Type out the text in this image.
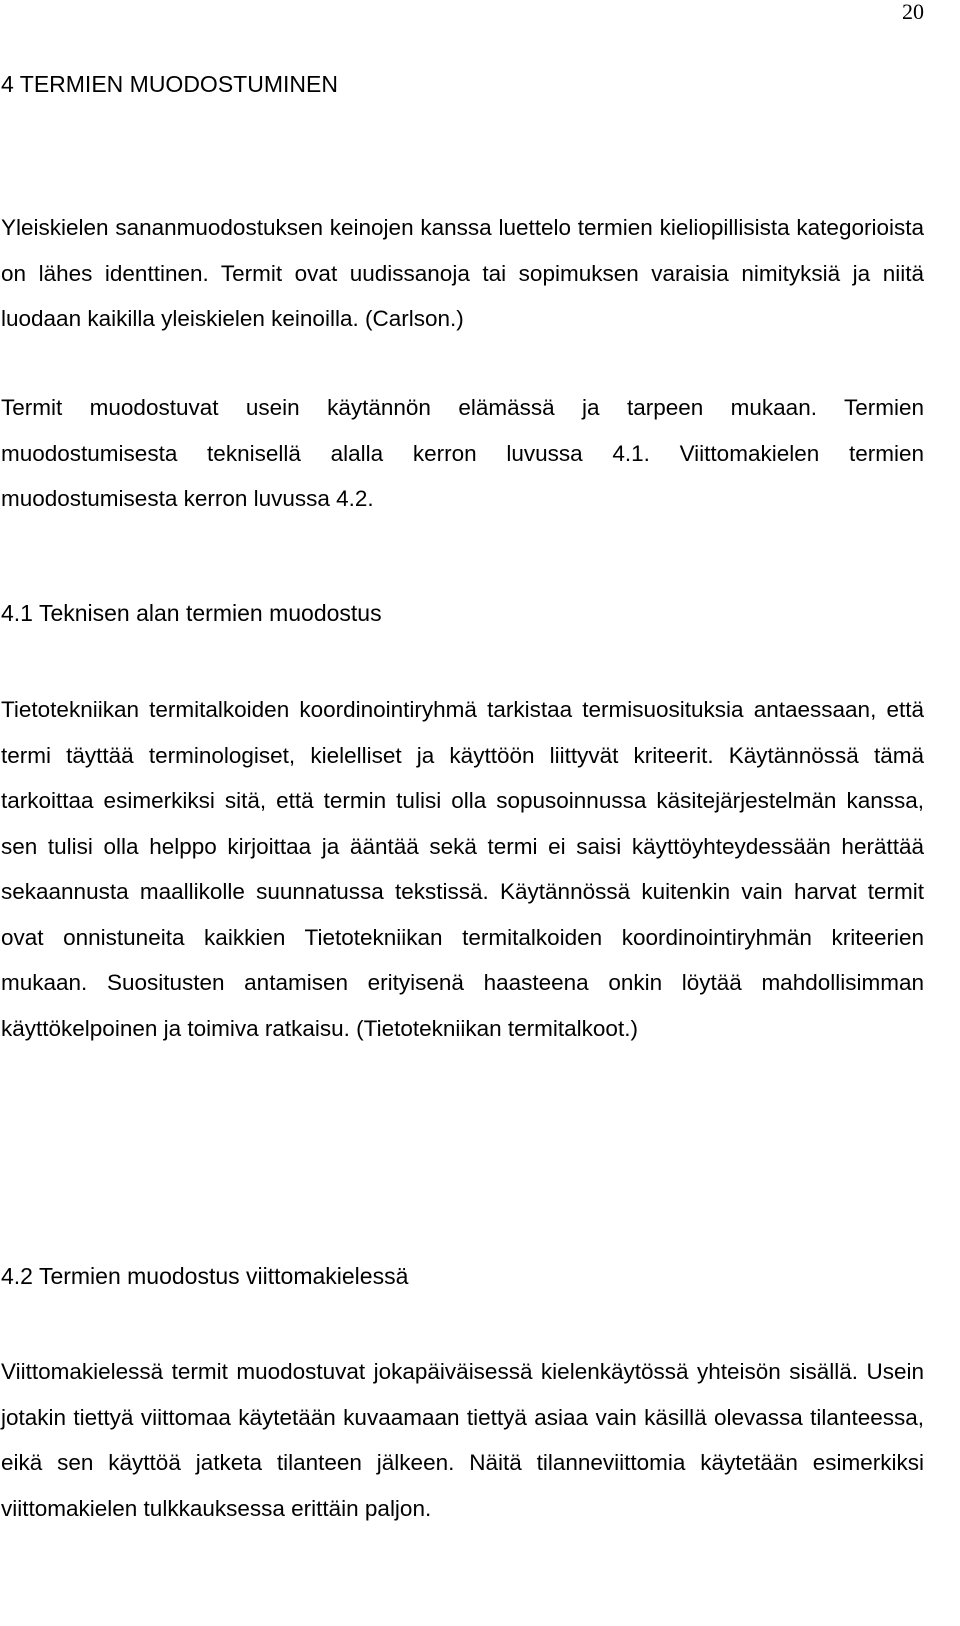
20
4 TERMIEN MUODOSTUMINEN

Yleiskielen sananmuodostuksen keinojen kanssa luettelo termien kieliopillisista kategorioista on lähes identtinen. Termit ovat uudissanoja tai sopimuksen varaisia nimityksiä ja niitä luodaan kaikilla yleiskielen keinoilla. (Carlson.)

Termit muodostuvat usein käytännön elämässä ja tarpeen mukaan. Termien muodostumisesta teknisellä alalla kerron luvussa 4.1. Viittomakielen termien muodostumisesta kerron luvussa 4.2.

4.1 Teknisen alan termien muodostus

Tietotekniikan termitalkoiden koordinointiryhmä tarkistaa termisuosituksia antaessaan, että termi täyttää terminologiset, kielelliset ja käyttöön liittyvät kriteerit. Käytännössä tämä tarkoittaa esimerkiksi sitä, että termin tulisi olla sopusoinnussa käsitejärjestelmän kanssa, sen tulisi olla helppo kirjoittaa ja ääntää sekä termi ei saisi käyttöyhteydessään herättää sekaannusta maallikolle suunnatussa tekstissä. Käytännössä kuitenkin vain harvat termit ovat onnistuneita kaikkien Tietotekniikan termitalkoiden koordinointiryhmän kriteerien mukaan. Suositusten antamisen erityisenä haasteena onkin löytää mahdollisimman käyttökelpoinen ja toimiva ratkaisu. (Tietotekniikan termitalkoot.)

4.2 Termien muodostus viittomakielessä

Viittomakielessä termit muodostuvat jokapäiväisessä kielenkäytössä yhteisön sisällä. Usein jotakin tiettyä viittomaa käytetään kuvaamaan tiettyä asiaa vain käsillä olevassa tilanteessa, eikä sen käyttöä jatketa tilanteen jälkeen. Näitä tilanneviittomia käytetään esimerkiksi viittomakielen tulkkauksessa erittäin paljon.
